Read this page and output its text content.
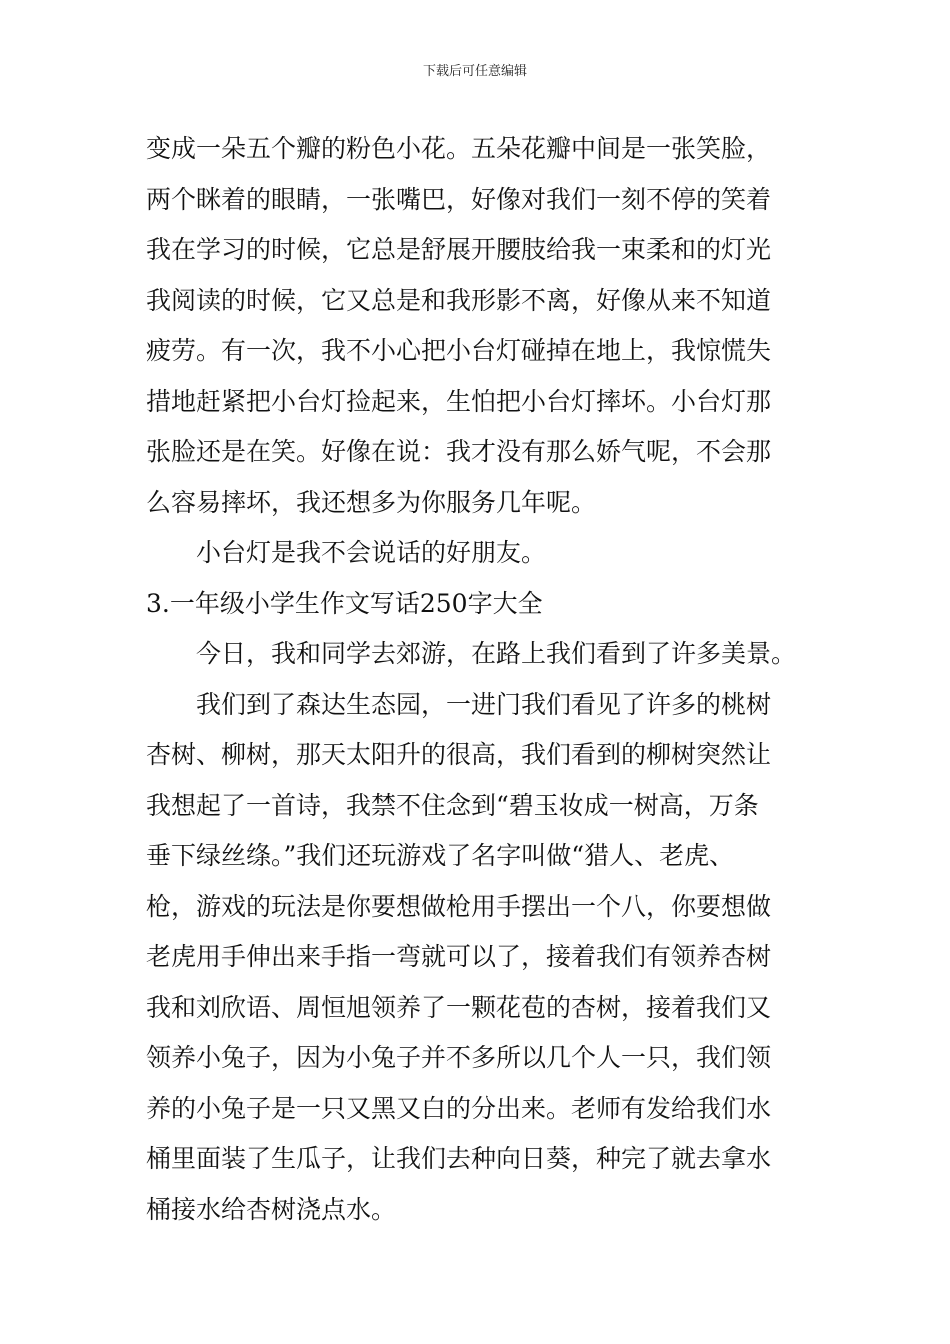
下载后可任意编辑
变成一朵五个瓣的粉色小花。五朵花瓣中间是一张笑脸，
两个眯着的眼睛，一张嘴巴，好像对我们一刻不停的笑着
我在学习的时候，它总是舒展开腰肢给我一束柔和的灯光
我阅读的时候，它又总是和我形影不离，好像从来不知道
疲劳。有一次，我不小心把小台灯碰掉在地上，我惊慌失
措地赶紧把小台灯捡起来，生怕把小台灯摔坏。小台灯那
张脸还是在笑。好像在说：我才没有那么娇气呢，不会那
么容易摔坏，我还想多为你服务几年呢。
小台灯是我不会说话的好朋友。
3.一年级小学生作文写话250字大全
今日，我和同学去郊游，在路上我们看到了许多美景。
我们到了森达生态园，一进门我们看见了许多的桃树
杏树、柳树，那天太阳升的很高，我们看到的柳树突然让
我想起了一首诗，我禁不住念到“碧玉妆成一树高，万条
垂下绿丝绦。”我们还玩游戏了名字叫做“猎人、老虎、
枪，游戏的玩法是你要想做枪用手摆出一个八，你要想做
老虎用手伸出来手指一弯就可以了，接着我们有领养杏树
我和刘欣语、周恒旭领养了一颗花苞的杏树，接着我们又
领养小兔子，因为小兔子并不多所以几个人一只，我们领
养的小兔子是一只又黑又白的分出来。老师有发给我们水
桶里面装了生瓜子，让我们去种向日葵，种完了就去拿水
桶接水给杏树浇点水。
